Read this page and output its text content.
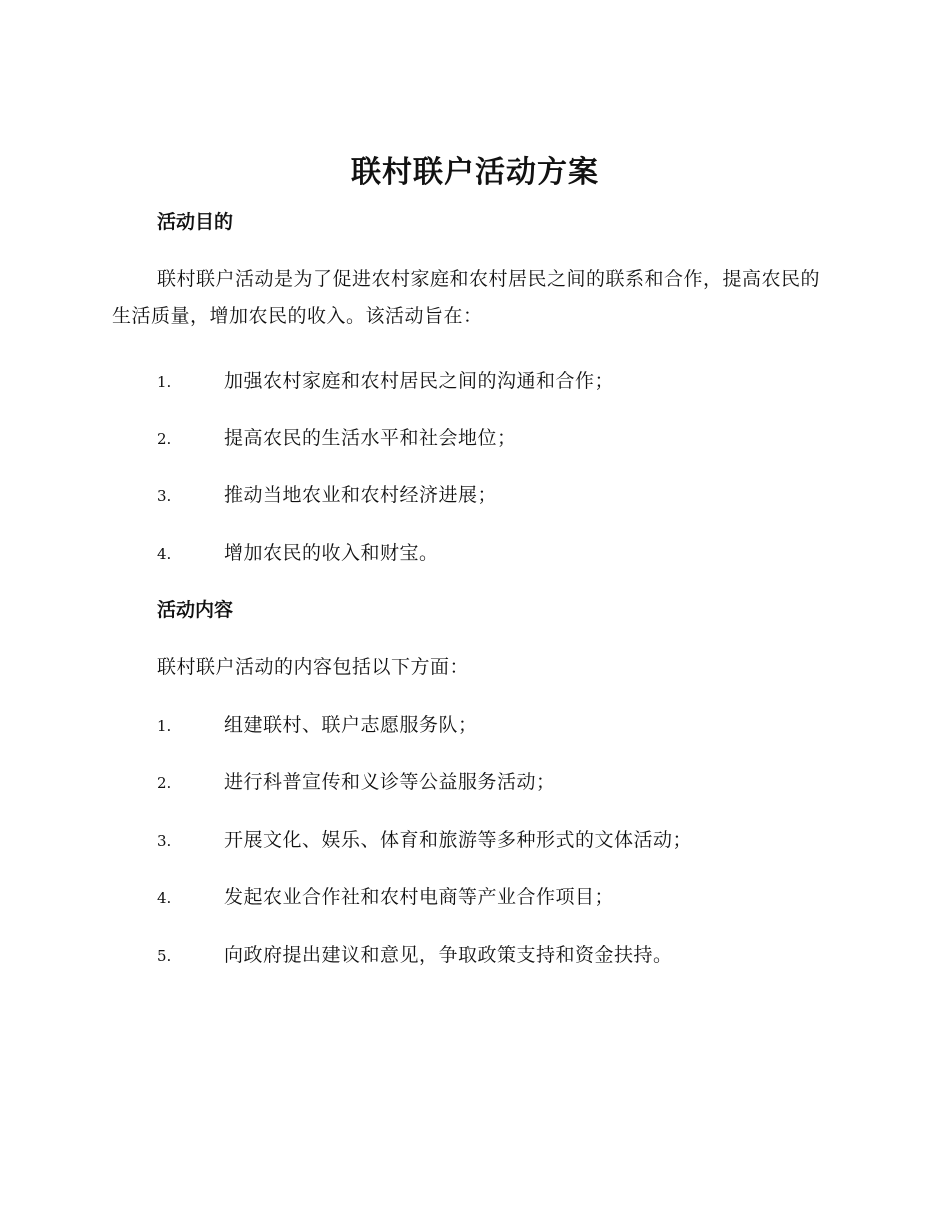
联村联户活动方案
活动目的
联村联户活动是为了促进农村家庭和农村居民之间的联系和合作，提高农民的生活质量，增加农民的收入。该活动旨在：
1.	加强农村家庭和农村居民之间的沟通和合作；
2.	提高农民的生活水平和社会地位；
3.	推动当地农业和农村经济进展；
4.	增加农民的收入和财宝。
活动内容
联村联户活动的内容包括以下方面：
1.	组建联村、联户志愿服务队；
2.	进行科普宣传和义诊等公益服务活动；
3.	开展文化、娱乐、体育和旅游等多种形式的文体活动；
4.	发起农业合作社和农村电商等产业合作项目；
5.	向政府提出建议和意见，争取政策支持和资金扶持。
